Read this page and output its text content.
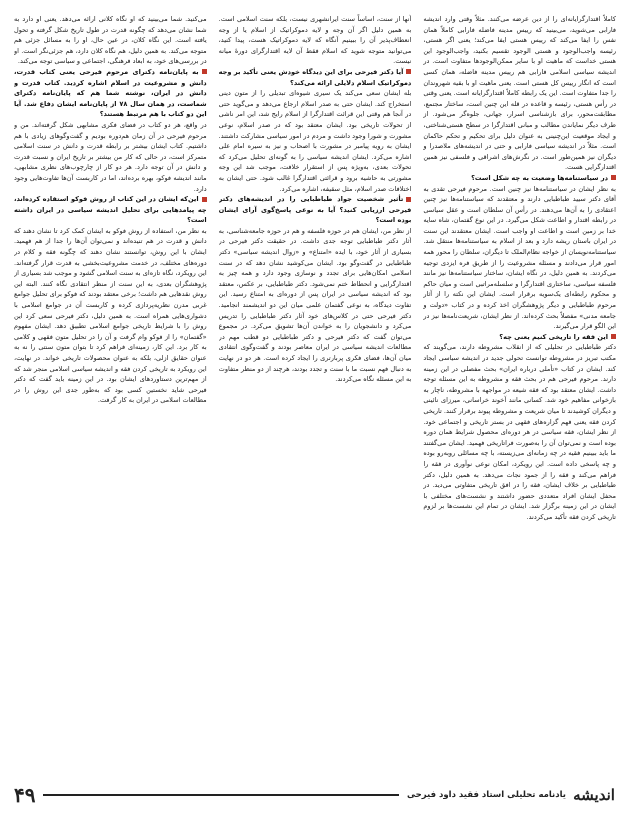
کاملاً اقتدارگرایانه‌ای را از دین عرضه می‌کنند. مثلاً وقتی وارد اندیشه فارابی می‌شوید، می‌بینید که رییس مدینه فاضله فارابی کاملاً همان نفس را ایفا می‌کند که رییس هستی ایفا می‌کند؛ یعنی اگر هستی، رئیسه واجب‌الوجود و هستی الوجود تقسیم بکنید، واجب‌الوجود این هستی خداست که ماهیت او با سایر ممکن‌الوجودها متفاوت است. در اندیشه سیاسی اسلامی فارابی هم رییس مدینه فاضله، همان کسی است که انگار رییس کل هستی است. یعنی ماهیت او با بقیه شهروندان را جدا متفاوت است. این یک رابطه کاملاً اقتدارگرایانه است. یعنی وقتی در رأس هستی، رئیسه و قاعده در قله این چنین است، ساختار مجتمع، مطابقت‌محور، برای بازشناسی اسرار، جهانی، جلوه‌گر می‌شود. از طرف دیگر نمایاندن مطالب و مبانی اقتدارگرا در سطح هستی‌شناختی، و ایجاد موقعیت این‌چنینی به عنوان دلیل برای تحکیم و تحکم حاکمان است. مثلاً در اندیشه سیاسی فارابی و حتی در اندیشه‌های ملاصدرا و دیگران نیز همین‌طور است. در نگرش‌های اشراقی و فلسفی نیز همین اقتدارگرایی هست.

در سیاستنامه‌ها وضعیت به چه شکل است؟

به نظر ایشان در سیاستنامه‌ها نیز چنین است. مرحوم فیرحی تقدی به آقای دکتر سیید طباطبایی دارند و معتقدند که سیاستنامه‌ها نیز چنین اعتقادی را به آن‌ها می‌دهند. در رأس آن سلطان است و عقل سیاسی در رابطه اقتدار و اطاعت شکل می‌گیرد. در این نوع گفتمان، شاه سایه خدا بر زمین است و اطاعت او واجب است. ایشان معتقدند این سنت در ایران باستان ریشه دارد و بعد از اسلام به سیاستنامه‌ها منتقل شد. سیاستنامه‌نویسان از خواجه نظام‌الملک تا دیگران، سلطان را محور همه امور قرار می‌دادند و مسئله مشروعیت را از طریق فره ایزدی توجیه می‌کردند. به همین دلیل، در نگاه ایشان، ساختار سیاستنامه‌ها نیز مانند فلسفه سیاسی، ساختاری اقتدارگرا و سلسله‌مراتبی است و میان حاکم و محکوم رابطه‌ای یک‌سویه برقرار است. ایشان این نکته را از آثار مرحوم طباطبایی و دیگر پژوهشگران اخذ کرده و در کتاب «دولت و جامعه مدنی» مفصلاً بحث کرده‌اند. از نظر ایشان، شریعت‌نامه‌ها نیز در این الگو قرار می‌گیرند.

این فقه را تاریخی کنیم یعنی چه؟

دکتر طباطبایی در تحلیلی که از انقلاب مشروطه دارند، می‌گویند که مکتب تبریز در مشروطه توانست تحولی جدید در اندیشه سیاسی ایجاد کند. ایشان در کتاب «تأملی درباره ایران» بحث مفصلی در این زمینه دارند. مرحوم فیرحی هم در بحث فقه و مشروطه به این مسئله توجه داشت. ایشان معتقد بود که فقه شیعه در مواجهه با مشروطه، ناچار به بازخوانی مفاهیم خود شد. کسانی مانند آخوند خراسانی، میرزای نائینی و دیگران کوشیدند تا میان شریعت و مشروطه پیوند برقرار کنند. تاریخی کردن فقه یعنی فهم گزاره‌های فقهی در بستر تاریخی و اجتماعی خود. از نظر ایشان، فقه سیاسی در هر دوره‌ای محصول شرایط همان دوره بوده است و نمی‌توان آن را به‌صورت فراتاریخی فهمید. ایشان می‌گفتند ما باید ببینیم فقیه در چه زمانه‌ای می‌زیسته، با چه مسائلی روبه‌رو بوده و چه پاسخی داده است. این رویکرد، امکان نوعی نوآوری در فقه را فراهم می‌کند و فقه را از جمود نجات می‌دهد. به همین دلیل، دکتر طباطبایی بر خلاف ایشان، فقه را در افق تاریخی متفاوتی می‌دید. در محفل ایشان افراد متعددی حضور داشتند و نشست‌های مختلفی با ایشان در این زمینه برگزار شد. ایشان در تمام این نشست‌ها بر لزوم تاریخی کردن فقه تأکید می‌کردند.

آنها از سنت، اساساً سنت ایرانشهری نیست، بلکه سنت اسلامی است. به همین دلیل اگر آن وجه و لایه دموکراتیک از اسلام یا از وجه انعطاف‌پذیر آن را ببینیم آنگاه که لایه دموکراتیک هست، پیدا کنید، می‌توانید متوجه شوید که اسلام فقط آن لایه اقتدارگرای دورهٔ میانه نیست.

آیا دکتر فیرحی برای این دیدگاه خودش یعنی تأکید بر وجه دموکراتیک اسلام دلایلی ارائه می‌کند؟

بله ایشان سعی می‌کند یک سیری شیوه‌ای تبدیلی را از متون دینی استخراج کند. ایشان حتی به صدر اسلام ارجاع می‌دهد و می‌گوید حتی در آنجا هم وقتی این قرائت اقتدارگرا از اسلام رایج شد، این امر ناشی از تحولات تاریخی بود. ایشان معتقد بود که در صدر اسلام، نوعی مشورت و شورا وجود داشت و مردم در امور سیاسی مشارکت داشتند. ایشان به رویه پیامبر در مشورت با اصحاب و نیز به سیره امام علی اشاره می‌کرد. ایشان اندیشه سیاسی را به گونه‌ای تحلیل می‌کرد که تحولات بعدی، به‌ویژه پس از استقرار خلافت، موجب شد این وجه مشورتی به حاشیه برود و قرائتی اقتدارگرا غالب شود. حتی ایشان به اختلافات صدر اسلام، مثل سقیفه، اشاره می‌کرد.

تأثیر شخصیت جواد طباطبایی را در اندیشه‌های دکتر فیرحی ارزیابی کنید؟ آیا به نوعی پاسخ‌گوی آرای ایشان بوده است؟

از نظر من، ایشان هم در حوزه فلسفه و هم در حوزه جامعه‌شناسی، به آثار دکتر طباطبایی توجه جدی داشت. در حقیقت دکتر فیرحی در بسیاری از آثار خود، با ایده «امتناع» و «زوال اندیشه سیاسی» دکتر طباطبایی در گفت‌وگو بود. ایشان می‌کوشید نشان دهد که در سنت اسلامی امکان‌هایی برای تجدد و نوسازی وجود دارد و همه چیز به اقتدارگرایی و انحطاط ختم نمی‌شود. دکتر طباطبایی، بر عکس، معتقد بود که اندیشه سیاسی در ایران پس از دوره‌ای به امتناع رسید. این تفاوت دیدگاه، به نوعی گفتمان علمی میان این دو اندیشمند انجامید. دکتر فیرحی حتی در کلاس‌های خود آثار دکتر طباطبایی را تدریس می‌کرد و دانشجویان را به خواندن آن‌ها تشویق می‌کرد. در مجموع می‌توان گفت که دکتر فیرحی و دکتر طباطبایی دو قطب مهم در مطالعات اندیشه سیاسی در ایران معاصر بودند و گفت‌وگوی انتقادی میان آن‌ها، فضای فکری پربارتری را ایجاد کرده است. هر دو در نهایت به دنبال فهم نسبت ما با سنت و تجدد بودند، هرچند از دو منظر متفاوت به این مسئله نگاه می‌کردند.

می‌کنید. شما می‌بینید که او نگاه کلانی ارائه می‌دهد. یعنی او دارد به شما نشان می‌دهد که چگونه قدرت در طول تاریخ شکل گرفته و تحول یافته است. این نگاه کلان، در عین حال، او را به مسائل جزئی هم متوجه می‌کند. به همین دلیل، هم نگاه کلان دارد، هم جزئی‌نگر است. او در بررسی‌های خود، به ابعاد فرهنگی، اجتماعی و سیاسی توجه می‌کند.

به پایان‌نامه دکترای مرحوم فیرحی یعنی کتاب قدرت، دانش و مشروعیت در اسلام اشاره کردید. کتاب قدرت و دانش در ایران، نوشته شما هم که پایان‌نامه دکترای شماست، در همان سال ۷۸ از پایان‌نامه ایشان دفاع شد. آیا این دو کتاب با هم مرتبط هستند؟

در واقع، هر دو کتاب در فضای فکری مشابهی شکل گرفته‌اند. من و مرحوم فیرحی در آن زمان هم‌دوره بودیم و گفت‌وگوهای زیادی با هم داشتیم. کتاب ایشان بیشتر بر رابطه قدرت و دانش در سنت اسلامی متمرکز است، در حالی که کار من بیشتر بر تاریخ ایران و نسبت قدرت و دانش در آن توجه دارد. هر دو کار از چارچوب‌های نظری مشابهی، مانند اندیشه فوکو، بهره برده‌اند، اما در کاربست آن‌ها تفاوت‌هایی وجود دارد.

این‌که ایشان در این کتاب از روش فوکو استفاده کرده‌اند، چه پیامدهایی برای تحلیل اندیشه سیاسی در ایران داشته است؟

به نظر من، استفاده از روش فوکو به ایشان کمک کرد تا نشان دهند که دانش و قدرت در هم تنیده‌اند و نمی‌توان آن‌ها را جدا از هم فهمید. ایشان با این روش، توانستند نشان دهند که چگونه فقه و کلام در دوره‌های مختلف، در خدمت مشروعیت‌بخشی به قدرت قرار گرفته‌اند. این رویکرد، نگاه تازه‌ای به سنت اسلامی گشود و موجب شد بسیاری از پژوهشگران بعدی، به این سنت از منظر انتقادی نگاه کنند. البته این روش نقدهایی هم داشت؛ برخی معتقد بودند که فوکو برای تحلیل جوامع غربی مدرن نظریه‌پردازی کرده و کاربست آن در جوامع اسلامی با دشواری‌هایی همراه است. به همین دلیل، دکتر فیرحی سعی کرد این روش را با شرایط تاریخی جوامع اسلامی تطبیق دهد. ایشان مفهوم «گفتمان» را از فوکو وام گرفت و آن را در تحلیل متون فقهی و کلامی به کار برد. این کار، زمینه‌ای فراهم کرد تا بتوان متون سنتی را نه به عنوان حقایق ازلی، بلکه به عنوان محصولات تاریخی خواند. در نهایت، این رویکرد به تاریخی کردن فقه و اندیشه سیاسی اسلامی منجر شد که از مهم‌ترین دستاوردهای ایشان بود. در این زمینه باید گفت که دکتر فیرحی شاید نخستین کسی بود که به‌طور جدی این روش را در مطالعات اسلامی در ایران به کار گرفت.

اندیشه
یادنامه تحلیلی استاد فقید داود فیرحی
۴۹
